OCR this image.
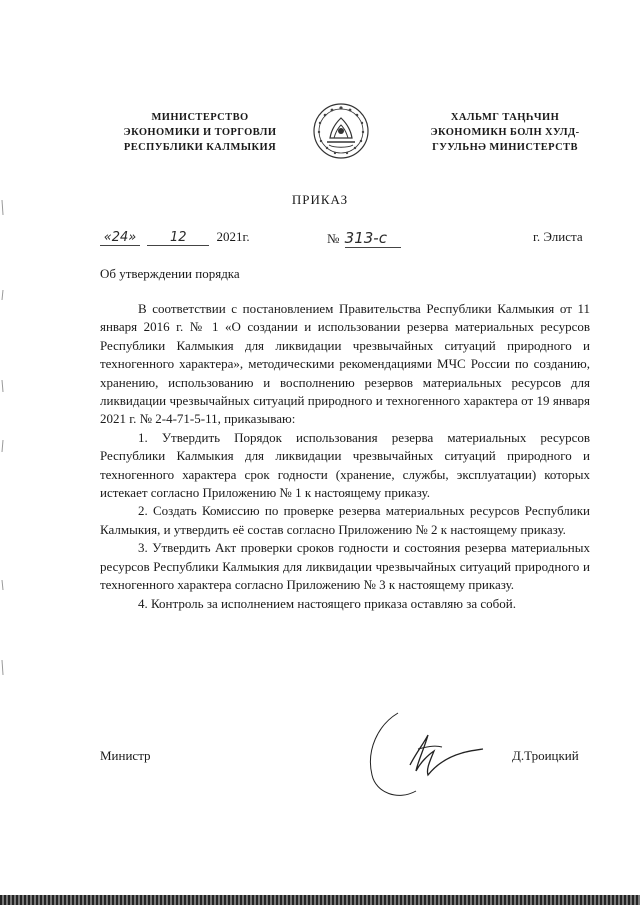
МИНИСТЕРСТВО
ЭКОНОМИКИ И ТОРГОВЛИ
РЕСПУБЛИКИ КАЛМЫКИЯ
ХАЛЬМГ ТАҢҺЧИН
ЭКОНОМИКН БОЛН ХУЛД-
ГУУЛЬНӘ МИНИСТЕРСТВ
ПРИКАЗ
«24»	12 2021г.	№ 313-с	г. Элиста
Об утверждении порядка

В соответствии с постановлением Правительства Республики Калмыкия от 11 января 2016 г. № 1 «О создании и использовании резерва материальных ресурсов Республики Калмыкия для ликвидации чрезвычайных ситуаций природного и техногенного характера», методическими рекомендациями МЧС России по созданию, хранению, использованию и восполнению резервов материальных ресурсов для ликвидации чрезвычайных ситуаций природного и техногенного характера от 19 января 2021 г. № 2-4-71-5-11, приказываю:

1. Утвердить Порядок использования резерва материальных ресурсов Республики Калмыкия для ликвидации чрезвычайных ситуаций природного и техногенного характера срок годности (хранение, службы, эксплуатации) которых истекает согласно Приложению № 1 к настоящему приказу.

2. Создать Комиссию по проверке резерва материальных ресурсов Республики Калмыкия, и утвердить её состав согласно Приложению № 2 к настоящему приказу.

3. Утвердить Акт проверки сроков годности и состояния резерва материальных ресурсов Республики Калмыкия для ликвидации чрезвычайных ситуаций природного и техногенного характера согласно Приложению № 3 к настоящему приказу.

4. Контроль за исполнением настоящего приказа оставляю за собой.

Министр	Д.Троицкий
